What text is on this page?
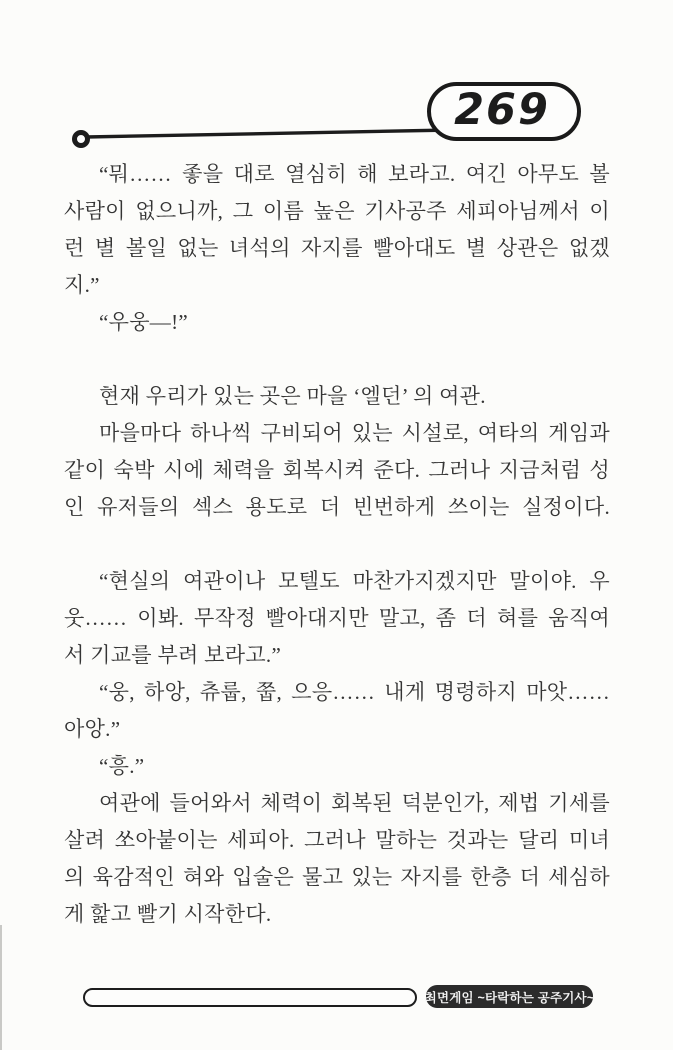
269

“뭐…… 좋을 대로 열심히 해 보라고. 여긴 아무도 볼

사람이 없으니까, 그 이름 높은 기사공주 세피아님께서 이

런 별 볼일 없는 녀석의 자지를 빨아대도 별 상관은 없겠

지.”

“우웅―!”

현재 우리가 있는 곳은 마을 ‘엘던’ 의 여관.

마을마다 하나씩 구비되어 있는 시설로, 여타의 게임과

같이 숙박 시에 체력을 회복시켜 준다. 그러나 지금처럼 성

인 유저들의 섹스 용도로 더 빈번하게 쓰이는 실정이다.

“현실의 여관이나 모텔도 마찬가지겠지만 말이야. 우

웃…… 이봐. 무작정 빨아대지만 말고, 좀 더 혀를 움직여

서 기교를 부려 보라고.”

“웅, 하앙, 츄룹, 쭙, 으응…… 내게 명령하지 마앗……

아앙.”

“흥.”

여관에 들어와서 체력이 회복된 덕분인가, 제법 기세를

살려 쏘아붙이는 세피아. 그러나 말하는 것과는 달리 미녀

의 육감적인 혀와 입술은 물고 있는 자지를 한층 더 세심하

게 핥고 빨기 시작한다.

최면게임 ~타락하는 공주기사~
